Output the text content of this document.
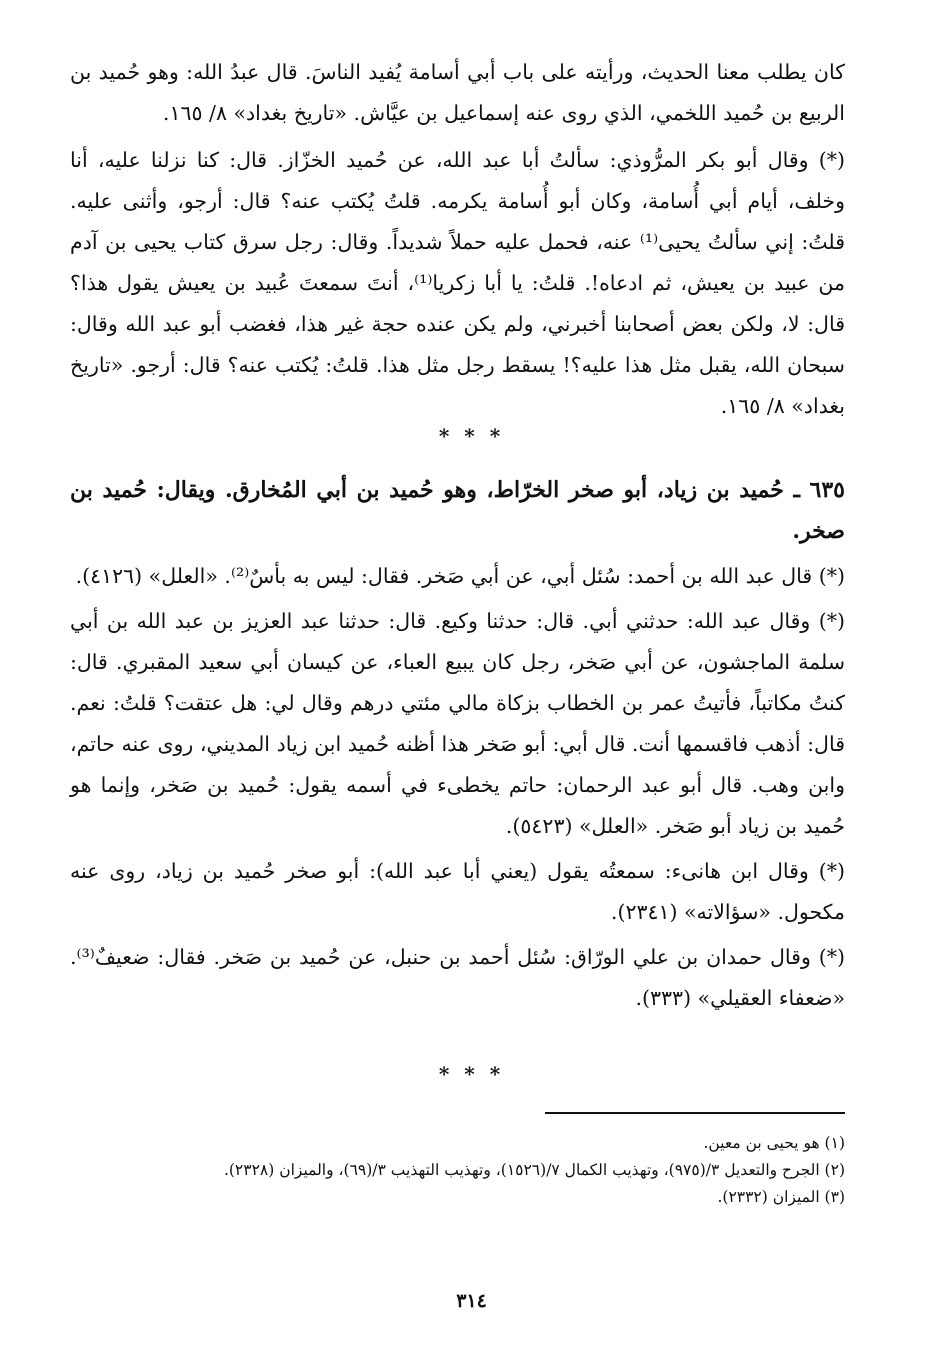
كان يطلب معنا الحديث، ورأيته على باب أبي أسامة يُفيد الناسَ. قال عبدُ الله: وهو حُميد بن الربيع بن حُميد اللخمي، الذي روى عنه إسماعيل بن عيَّاش. «تاريخ بغداد» ٨/ ١٦٥.

(*) وقال أبو بكر المرُّوذي: سألتُ أبا عبد الله، عن حُميد الخزّاز. قال: كنا نزلنا عليه، أنا وخلف، أيام أبي أُسامة، وكان أبو أُسامة يكرمه. قلتُ يُكتب عنه؟ قال: أرجو، وأثنى عليه. قلتُ: إني سألتُ يحيى⁽¹⁾ عنه، فحمل عليه حملاً شديداً. وقال: رجل سرق كتاب يحيى بن آدم من عبيد بن يعيش، ثم ادعاه!. قلتُ: يا أبا زكريا⁽¹⁾، أنتَ سمعتَ عُبيد بن يعيش يقول هذا؟ قال: لا، ولكن بعض أصحابنا أخبرني، ولم يكن عنده حجة غير هذا، فغضب أبو عبد الله وقال: سبحان الله، يقبل مثل هذا عليه؟! يسقط رجل مثل هذا. قلتُ: يُكتب عنه؟ قال: أرجو. «تاريخ بغداد» ٨/ ١٦٥.

* * *

٦٣٥ ـ حُميد بن زياد، أبو صخر الخرّاط، وهو حُميد بن أبي المُخارق. ويقال: حُميد بن صخر.

(*) قال عبد الله بن أحمد: سُئل أبي، عن أبي صَخر. فقال: ليس به بأسٌ⁽²⁾. «العلل» (٤١٢٦).

(*) وقال عبد الله: حدثني أبي. قال: حدثنا وكيع. قال: حدثنا عبد العزيز بن عبد الله بن أبي سلمة الماجشون، عن أبي صَخر، رجل كان يبيع العباء، عن كيسان أبي سعيد المقبري. قال: كنتُ مكاتباً، فأتيتُ عمر بن الخطاب بزكاة مالي مئتي درهم وقال لي: هل عتقت؟ قلتُ: نعم. قال: أذهب فاقسمها أنت. قال أبي: أبو صَخر هذا أظنه حُميد ابن زياد المديني، روى عنه حاتم، وابن وهب. قال أبو عبد الرحمان: حاتم يخطىء في أسمه يقول: حُميد بن صَخر، وإنما هو حُميد بن زياد أبو صَخر. «العلل» (٥٤٢٣).

(*) وقال ابن هانىء: سمعتُه يقول (يعني أبا عبد الله): أبو صخر حُميد بن زياد، روى عنه مكحول. «سؤالاته» (٢٣٤١).

(*) وقال حمدان بن علي الورّاق: سُئل أحمد بن حنبل، عن حُميد بن صَخر. فقال: ضعيفٌ⁽³⁾. «ضعفاء العقيلي» (٣٣٣).

* * *

(١) هو يحيى بن معين.

(٢) الجرح والتعديل ٣/(٩٧٥)، وتهذيب الكمال ٧/(١٥٢٦)، وتهذيب التهذيب ٣/(٦٩)، والميزان (٢٣٢٨).

(٣) الميزان (٢٣٣٢).

٣١٤
